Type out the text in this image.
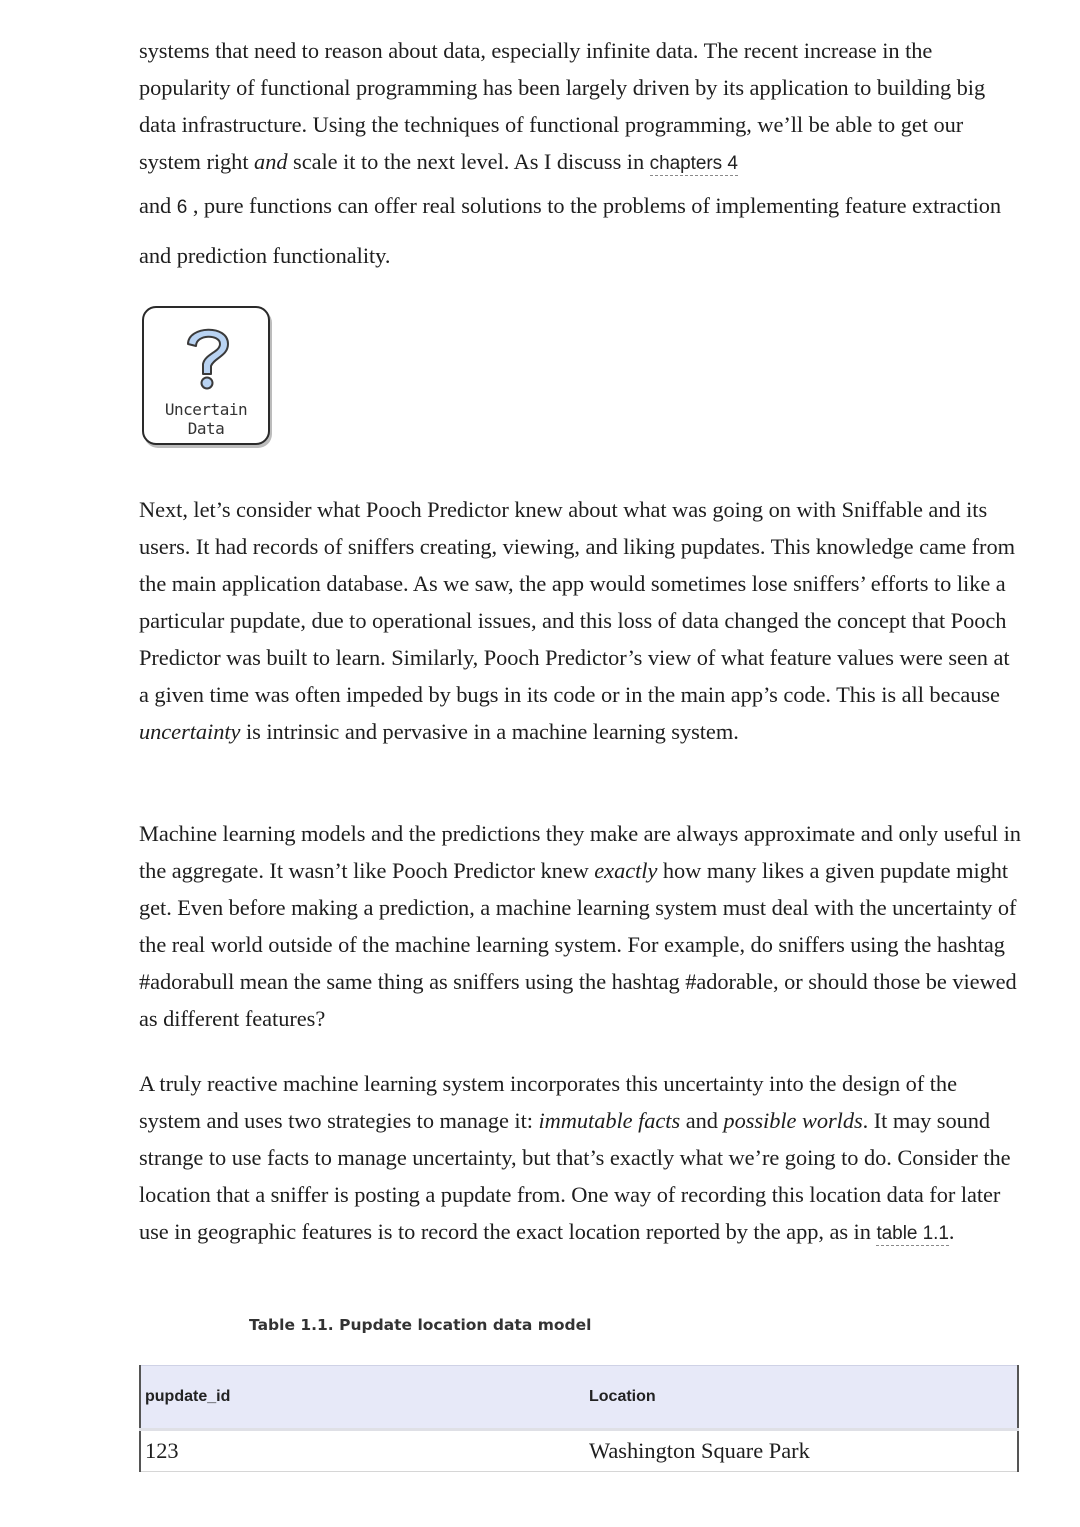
systems that need to reason about data, especially infinite data. The recent increase in the popularity of functional programming has been largely driven by its application to building big data infrastructure. Using the techniques of functional programming, we’ll be able to get our system right and scale it to the next level. As I discuss in chapters 4
and 6 , pure functions can offer real solutions to the problems of implementing feature extraction and prediction functionality.

Uncertain Data

Next, let’s consider what Pooch Predictor knew about what was going on with Sniffable and its users. It had records of sniffers creating, viewing, and liking pupdates. This knowledge came from the main application database. As we saw, the app would sometimes lose sniffers’ efforts to like a particular pupdate, due to operational issues, and this loss of data changed the concept that Pooch Predictor was built to learn. Similarly, Pooch Predictor’s view of what feature values were seen at a given time was often impeded by bugs in its code or in the main app’s code. This is all because uncertainty is intrinsic and pervasive in a machine learning system.

Machine learning models and the predictions they make are always approximate and only useful in the aggregate. It wasn’t like Pooch Predictor knew exactly how many likes a given pupdate might get. Even before making a prediction, a machine learning system must deal with the uncertainty of the real world outside of the machine learning system. For example, do sniffers using the hashtag #adorabull mean the same thing as sniffers using the hashtag #adorable, or should those be viewed as different features?

A truly reactive machine learning system incorporates this uncertainty into the design of the system and uses two strategies to manage it: immutable facts and possible worlds. It may sound strange to use facts to manage uncertainty, but that’s exactly what we’re going to do. Consider the location that a sniffer is posting a pupdate from. One way of recording this location data for later use in geographic features is to record the exact location reported by the app, as in table 1.1.

Table 1.1. Pupdate location data model
pupdate_id	Location
123	Washington Square Park
